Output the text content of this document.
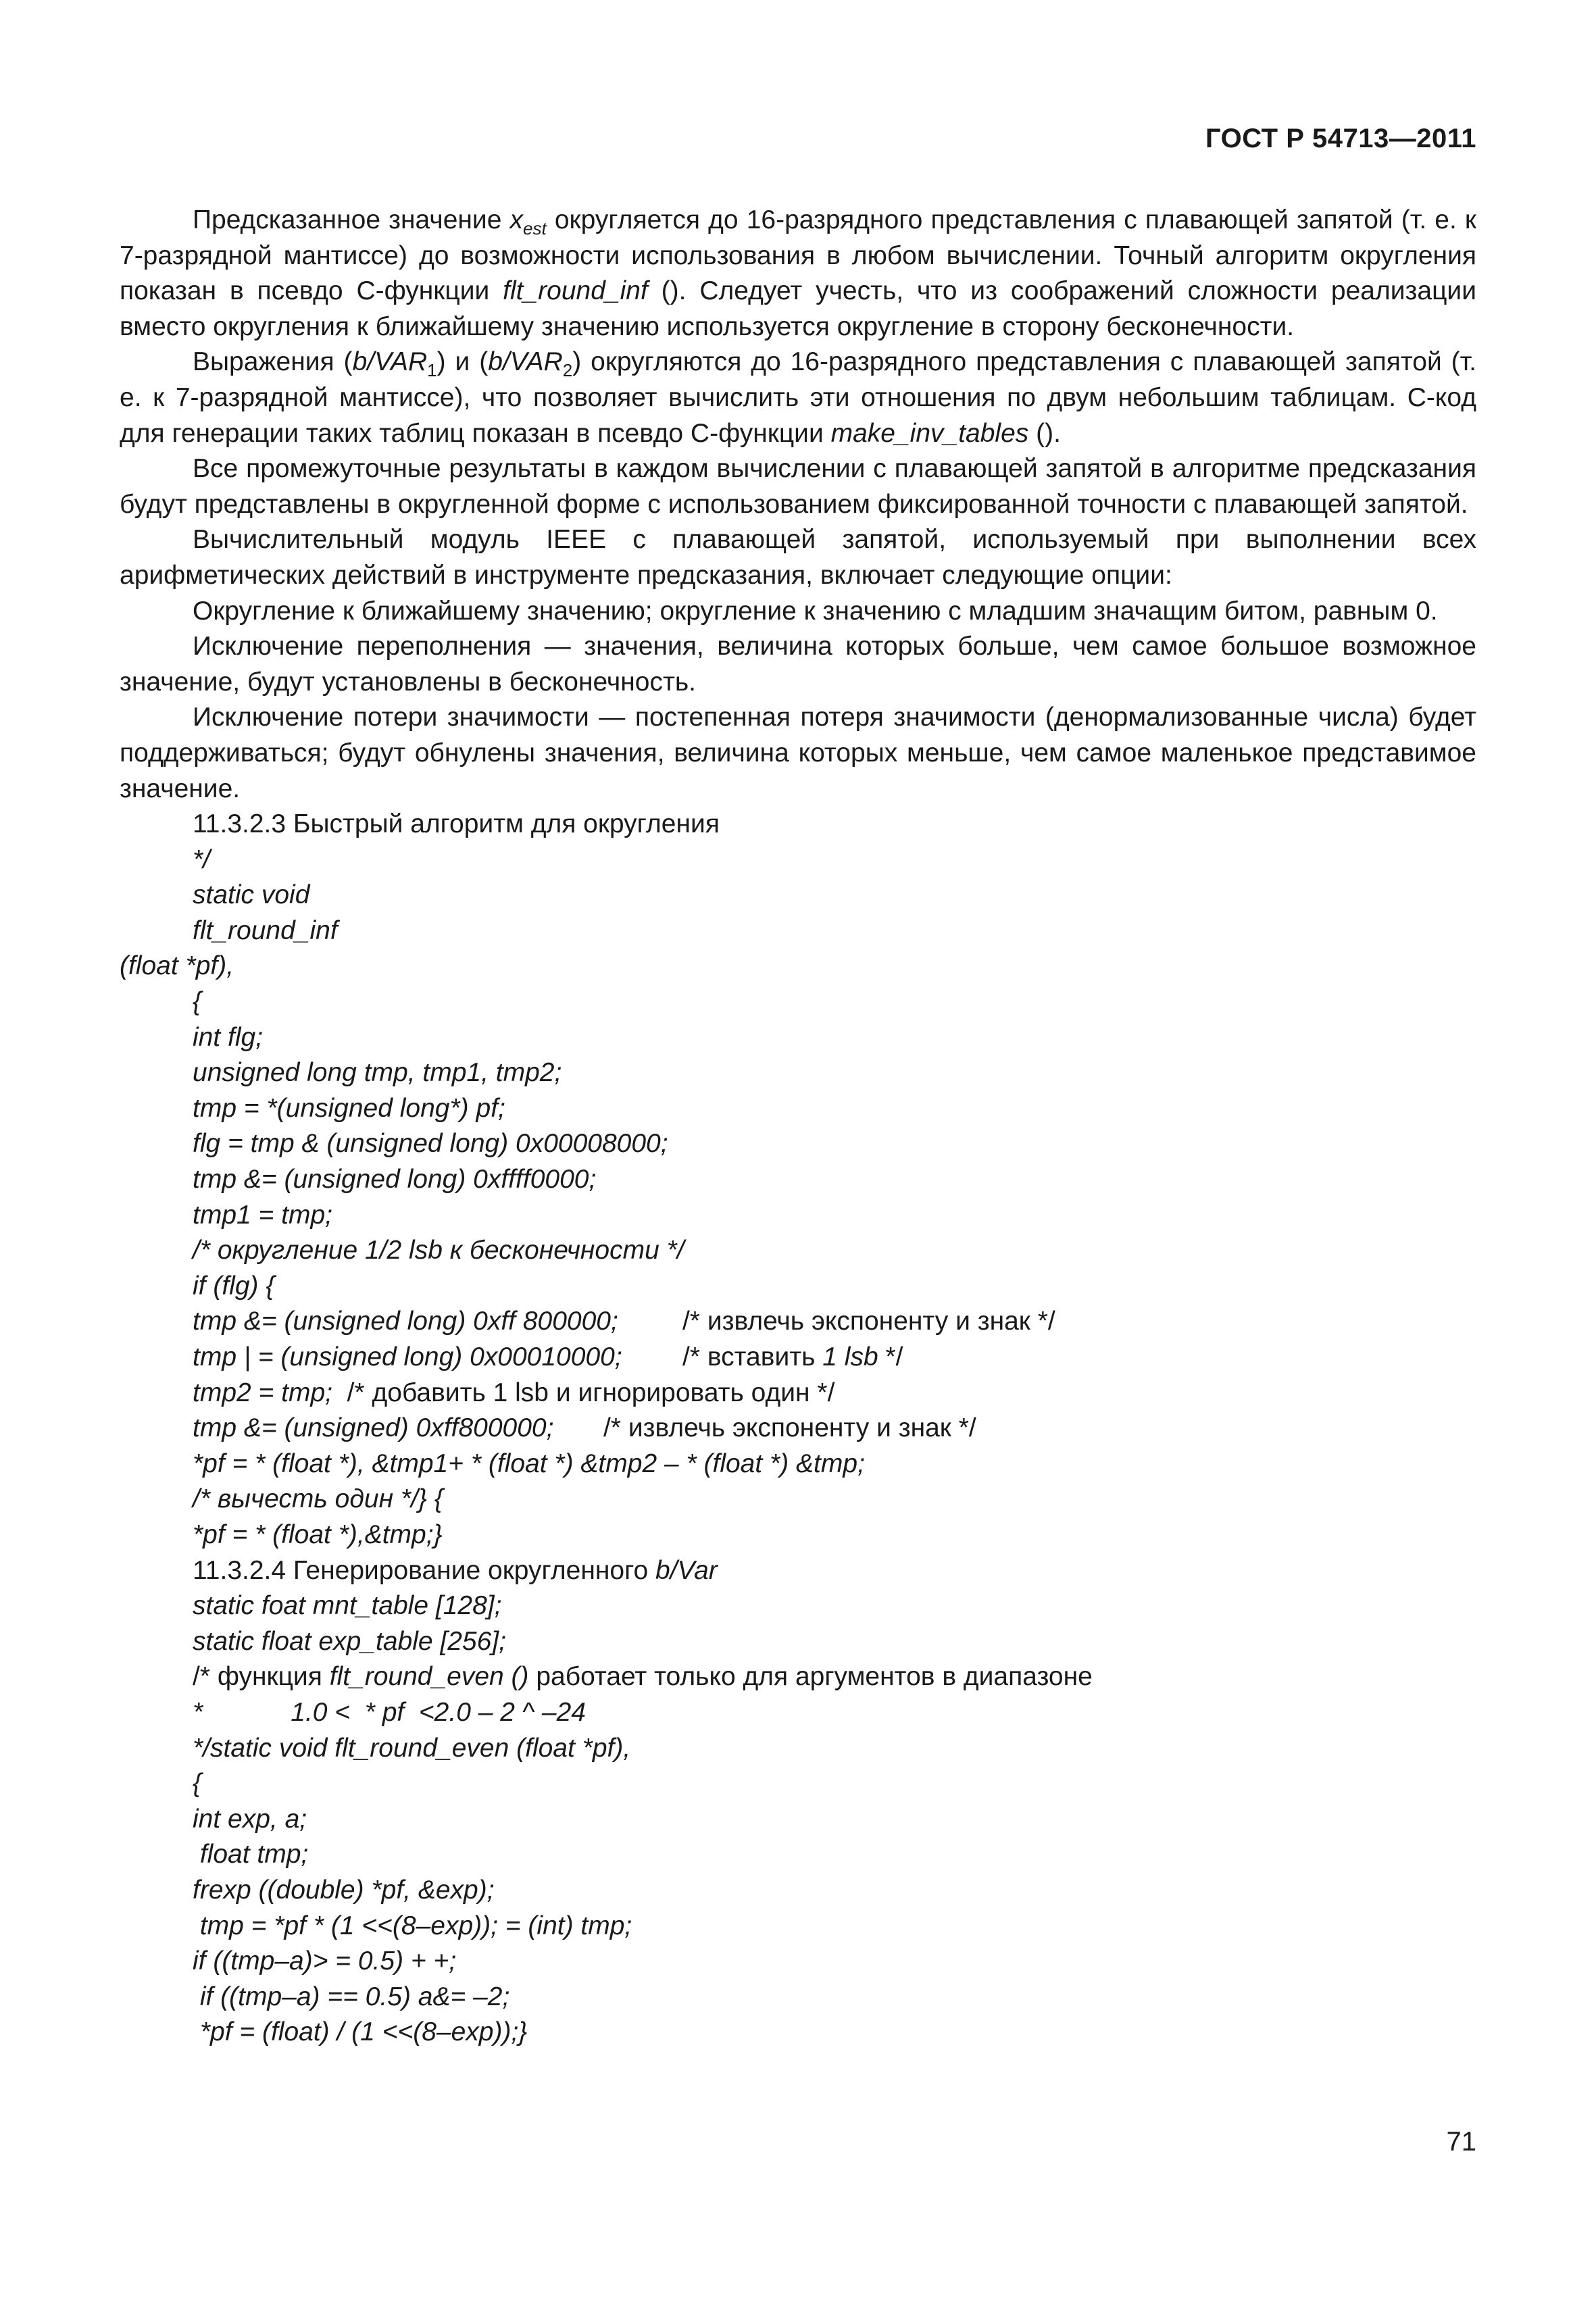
ГОСТ Р 54713—2011

Предсказанное значение $x_{est}$ округляется до 16-разрядного представления с плавающей запятой (т. е. к 7-разрядной мантиссе) до возможности использования в любом вычислении. Точный алгоритм округления показан в псевдо С-функции flt_round_inf (). Следует учесть, что из соображений сложности реализации вместо округления к ближайшему значению используется округление в сторону бесконечности.

Выражения $(b/VAR_1)$ и $(b/VAR_2)$ округляются до 16-разрядного представления с плавающей запятой (т. е. к 7-разрядной мантиссе), что позволяет вычислить эти отношения по двум небольшим таблицам. С-код для генерации таких таблиц показан в псевдо С-функции make_inv_tables ().

Все промежуточные результаты в каждом вычислении с плавающей запятой в алгоритме предсказания будут представлены в округленной форме с использованием фиксированной точности с плавающей запятой.

Вычислительный модуль IEEE с плавающей запятой, используемый при выполнении всех арифметических действий в инструменте предсказания, включает следующие опции:

Округление к ближайшему значению; округление к значению с младшим значащим битом, равным 0.

Исключение переполнения — значения, величина которых больше, чем самое большое возможное значение, будут установлены в бесконечность.

Исключение потери значимости — постепенная потеря значимости (денормализованные числа) будет поддерживаться; будут обнулены значения, величина которых меньше, чем самое маленькое представимое значение.

11.3.2.3 Быстрый алгоритм для округления

*/

static void

flt_round_inf

(float *pf),

{

int flg;

unsigned long tmp, tmp1, tmp2;

tmp = *(unsigned long*) pf;

flg = tmp & (unsigned long) 0x00008000;

tmp &= (unsigned long) 0xffff0000;

tmp1 = tmp;

/* округление 1/2 lsb к бесконечности */

if (flg) {

tmp &= (unsigned long) 0xff 800000; /* извлечь экспоненту и знак */

tmp | = (unsigned long) 0x00010000; /* вставить 1 lsb */

tmp2 = tmp; /* добавить 1 lsb и игнорировать один */

tmp &= (unsigned) 0xff800000; /* извлечь экспоненту и знак */

*pf = * (float *), &tmp1+ * (float *) &tmp2 – * (float *) &tmp;

/* вычесть один */} {

*pf = * (float *),&tmp;}

11.3.2.4 Генерирование округленного b/Var

static foat mnt_table [128];

static float exp_table [256];

/* функция flt_round_even () работает только для аргументов в диапазоне

*            1.0 <  * pf  <2.0 – 2 ^ –24

*/static void flt_round_even (float *pf),

{

int exp, a;

float tmp;

frexp ((double) *pf, &exp);

tmp = *pf * (1 <<(8–exp)); = (int) tmp;

if ((tmp–a)> = 0.5) + +;

if ((tmp–a) == 0.5) a&= –2;

*pf = (float) / (1 <<(8–exp));}

71
